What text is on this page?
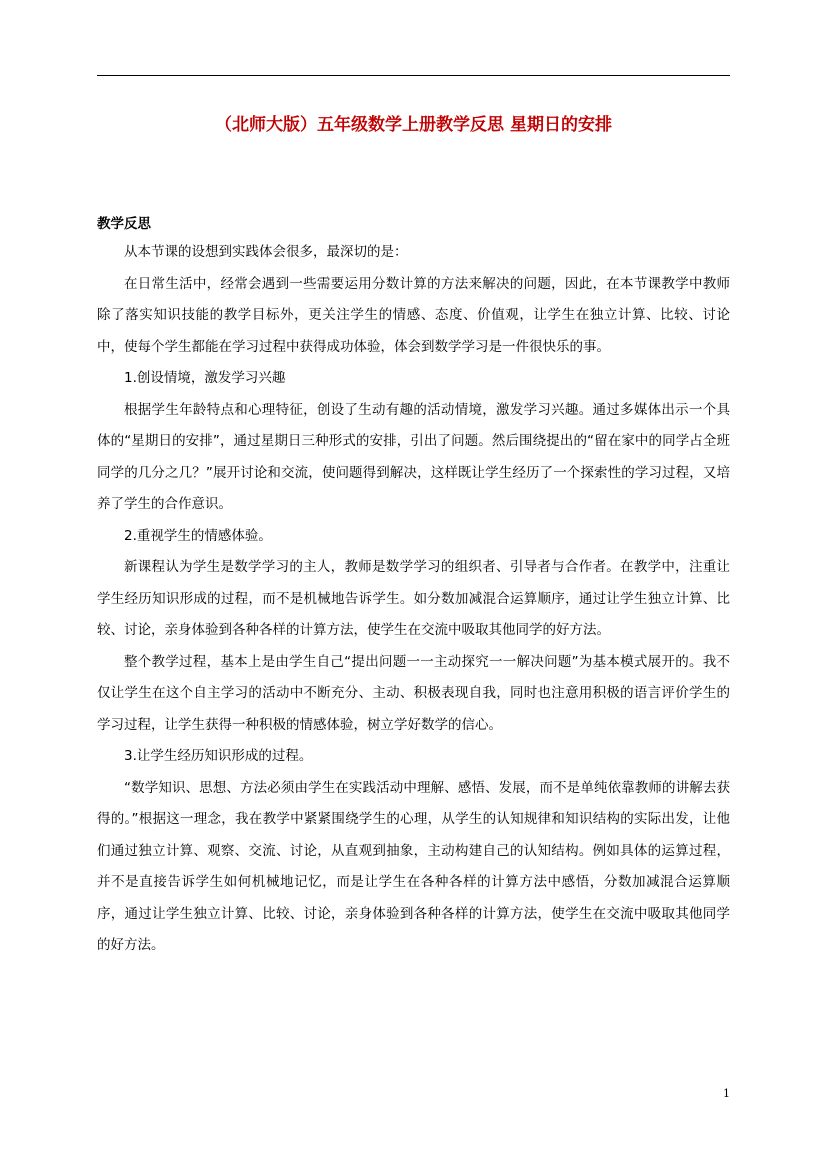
（北师大版）五年级数学上册教学反思 星期日的安排
教学反思

从本节课的设想到实践体会很多，最深切的是：

在日常生活中，经常会遇到一些需要运用分数计算的方法来解决的问题，因此，在本节课教学中教师除了落实知识技能的教学目标外，更关注学生的情感、态度、价值观，让学生在独立计算、比较、讨论中，使每个学生都能在学习过程中获得成功体验，体会到数学学习是一件很快乐的事。

1.创设情境，激发学习兴趣

根据学生年龄特点和心理特征，创设了生动有趣的活动情境，激发学习兴趣。通过多媒体出示一个具体的“星期日的安排”，通过星期日三种形式的安排，引出了问题。然后围绕提出的“留在家中的同学占全班同学的几分之几？”展开讨论和交流，使问题得到解决，这样既让学生经历了一个探索性的学习过程，又培养了学生的合作意识。

2.重视学生的情感体验。

新课程认为学生是数学学习的主人，教师是数学学习的组织者、引导者与合作者。在教学中，注重让学生经历知识形成的过程，而不是机械地告诉学生。如分数加减混合运算顺序，通过让学生独立计算、比较、讨论，亲身体验到各种各样的计算方法，使学生在交流中吸取其他同学的好方法。

整个教学过程，基本上是由学生自己“提出问题一一主动探究一一解决问题”为基本模式展开的。我不仅让学生在这个自主学习的活动中不断充分、主动、积极表现自我，同时也注意用积极的语言评价学生的学习过程，让学生获得一种积极的情感体验，树立学好数学的信心。

3.让学生经历知识形成的过程。

“数学知识、思想、方法必须由学生在实践活动中理解、感悟、发展，而不是单纯依靠教师的讲解去获得的。”根据这一理念，我在教学中紧紧围绕学生的心理，从学生的认知规律和知识结构的实际出发，让他们通过独立计算、观察、交流、讨论，从直观到抽象，主动构建自己的认知结构。例如具体的运算过程，并不是直接告诉学生如何机械地记忆，而是让学生在各种各样的计算方法中感悟，分数加减混合运算顺序，通过让学生独立计算、比较、讨论，亲身体验到各种各样的计算方法，使学生在交流中吸取其他同学的好方法。

1
